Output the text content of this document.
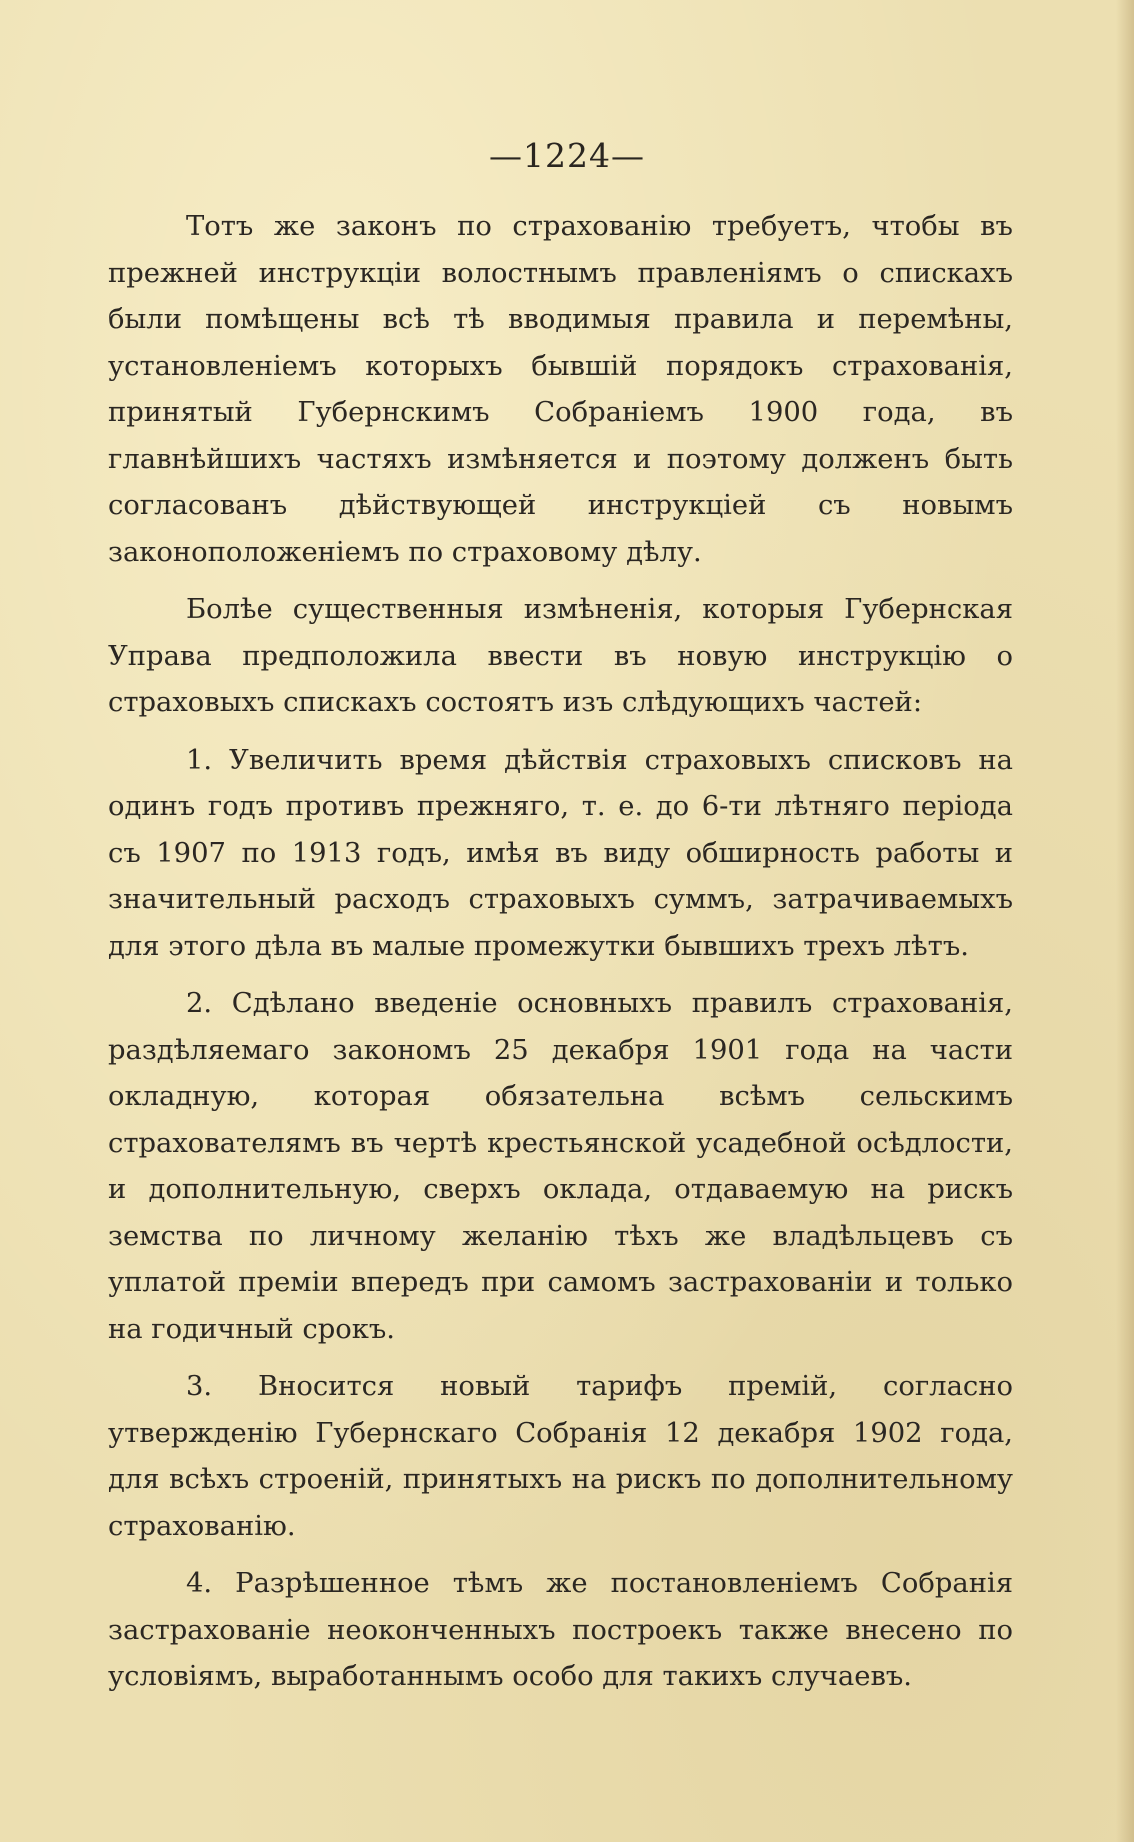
—1224—

Тотъ же законъ по страхованію требуетъ, чтобы въ прежней инструкціи волостнымъ правленіямъ о спискахъ были помѣщены всѣ тѣ вводимыя правила и перемѣны, установленіемъ которыхъ бывшій порядокъ страхованія, принятый Губернскимъ Собраніемъ 1900 года, въ главнѣйшихъ частяхъ измѣняется и поэтому долженъ быть согласованъ дѣйствующей инструкціей съ новымъ законоположеніемъ по страховому дѣлу.

Болѣе существенныя измѣненія, которыя Губернская Управа предположила ввести въ новую инструкцію о страховыхъ спискахъ состоятъ изъ слѣдующихъ частей:

1. Увеличить время дѣйствія страховыхъ списковъ на одинъ годъ противъ прежняго, т. е. до 6-ти лѣтняго періода съ 1907 по 1913 годъ, имѣя въ виду обширность работы и значительный расходъ страховыхъ суммъ, затрачиваемыхъ для этого дѣла въ малые промежутки бывшихъ трехъ лѣтъ.

2. Сдѣлано введеніе основныхъ правилъ страхованія, раздѣляемаго закономъ 25 декабря 1901 года на части окладную, которая обязательна всѣмъ сельскимъ страхователямъ въ чертѣ крестьянской усадебной осѣдлости, и дополнительную, сверхъ оклада, отдаваемую на рискъ земства по личному желанію тѣхъ же владѣльцевъ съ уплатой преміи впередъ при самомъ застрахованіи и только на годичный срокъ.

3. Вносится новый тарифъ премій, согласно утвержденію Губернскаго Собранія 12 декабря 1902 года, для всѣхъ строеній, принятыхъ на рискъ по дополнительному страхованію.

4. Разрѣшенное тѣмъ же постановленіемъ Собранія застрахованіе неоконченныхъ построекъ также внесено по условіямъ, выработаннымъ особо для такихъ случаевъ.
